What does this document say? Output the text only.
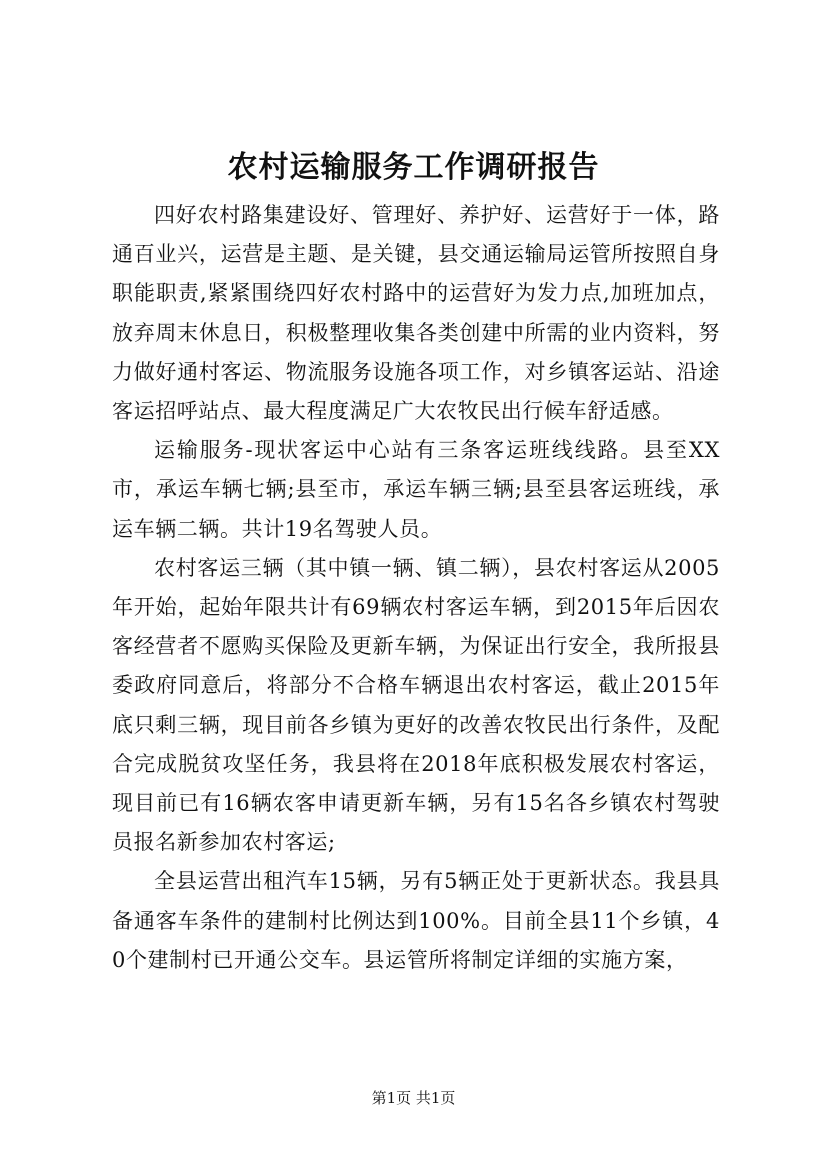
农村运输服务工作调研报告

四好农村路集建设好、管理好、养护好、运营好于一体，路通百业兴，运营是主题、是关键，县交通运输局运管所按照自身职能职责,紧紧围绕四好农村路中的运营好为发力点,加班加点，放弃周末休息日，积极整理收集各类创建中所需的业内资料，努力做好通村客运、物流服务设施各项工作，对乡镇客运站、沿途客运招呼站点、最大程度满足广大农牧民出行候车舒适感。

运输服务-现状客运中心站有三条客运班线线路。县至XX市，承运车辆七辆;县至市，承运车辆三辆;县至县客运班线，承运车辆二辆。共计19名驾驶人员。

农村客运三辆（其中镇一辆、镇二辆），县农村客运从2005年开始，起始年限共计有69辆农村客运车辆，到2015年后因农客经营者不愿购买保险及更新车辆，为保证出行安全，我所报县委政府同意后，将部分不合格车辆退出农村客运，截止2015年底只剩三辆，现目前各乡镇为更好的改善农牧民出行条件，及配合完成脱贫攻坚任务，我县将在2018年底积极发展农村客运，现目前已有16辆农客申请更新车辆，另有15名各乡镇农村驾驶员报名新参加农村客运;

全县运营出租汽车15辆，另有5辆正处于更新状态。我县具备通客车条件的建制村比例达到100%。目前全县11个乡镇，40个建制村已开通公交车。县运管所将制定详细的实施方案，

第1页 共1页
